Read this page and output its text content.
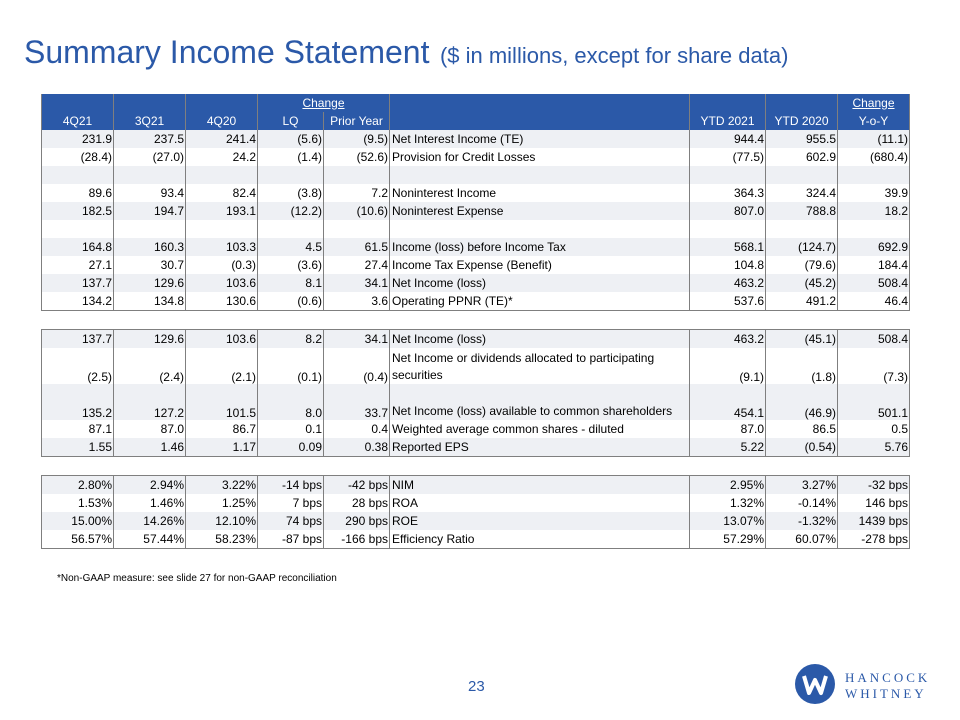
Summary Income Statement ($ in millions, except for share data)
			Change					Change
4Q21	3Q21	4Q20	LQ	Prior Year		YTD 2021	YTD 2020	Y-o-Y
231.9	237.5	241.4	(5.6)	(9.5)	Net Interest Income (TE)	944.4	955.5	(11.1)
(28.4)	(27.0)	24.2	(1.4)	(52.6)	Provision for Credit Losses	(77.5)	602.9	(680.4)

89.6	93.4	82.4	(3.8)	7.2	Noninterest Income	364.3	324.4	39.9
182.5	194.7	193.1	(12.2)	(10.6)	Noninterest Expense	807.0	788.8	18.2

164.8	160.3	103.3	4.5	61.5	Income (loss) before Income Tax	568.1	(124.7)	692.9
27.1	30.7	(0.3)	(3.6)	27.4	Income Tax Expense (Benefit)	104.8	(79.6)	184.4
137.7	129.6	103.6	8.1	34.1	Net Income (loss)	463.2	(45.2)	508.4
134.2	134.8	130.6	(0.6)	3.6	Operating PPNR (TE)*	537.6	491.2	46.4

137.7	129.6	103.6	8.2	34.1	Net Income (loss)	463.2	(45.1)	508.4
(2.5)	(2.4)	(2.1)	(0.1)	(0.4)	Net Income or dividends allocated to participating securities	(9.1)	(1.8)	(7.3)
135.2	127.2	101.5	8.0	33.7	Net Income (loss) available to common shareholders	454.1	(46.9)	501.1
87.1	87.0	86.7	0.1	0.4	Weighted average common shares - diluted	87.0	86.5	0.5
1.55	1.46	1.17	0.09	0.38	Reported EPS	5.22	(0.54)	5.76

2.80%	2.94%	3.22%	-14 bps	-42 bps	NIM	2.95%	3.27%	-32 bps
1.53%	1.46%	1.25%	7 bps	28 bps	ROA	1.32%	-0.14%	146 bps
15.00%	14.26%	12.10%	74 bps	290 bps	ROE	13.07%	-1.32%	1439 bps
56.57%	57.44%	58.23%	-87 bps	-166 bps	Efficiency Ratio	57.29%	60.07%	-278 bps
*Non-GAAP measure: see slide 27 for non-GAAP reconciliation
23
HANCOCK
WHITNEY
